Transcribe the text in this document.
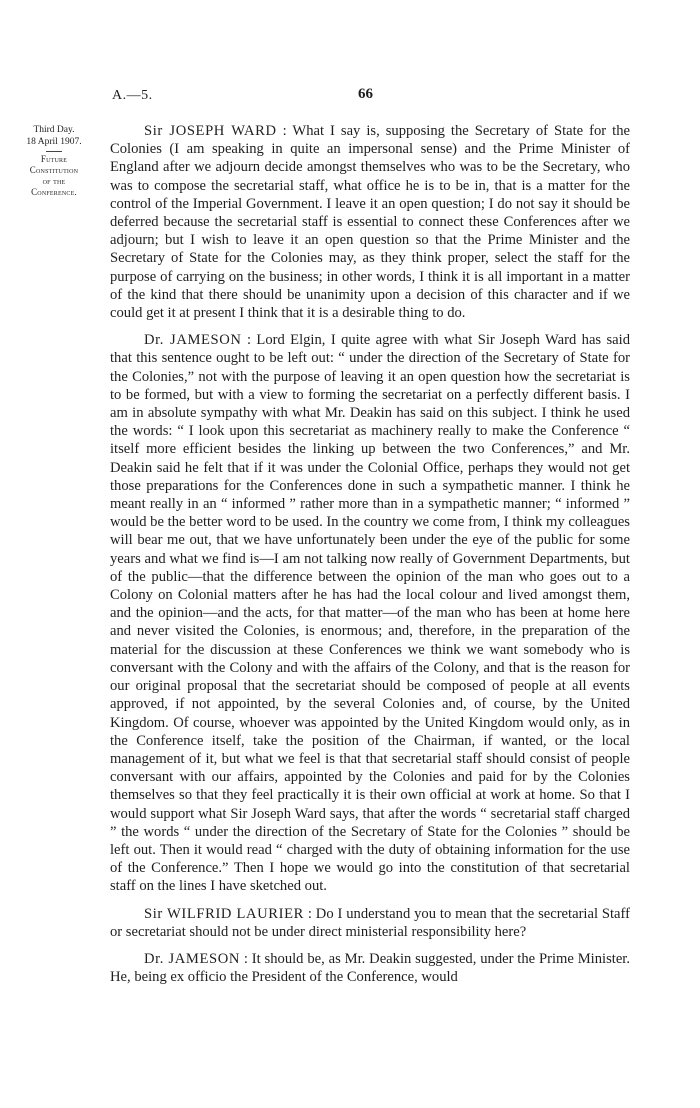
A.—5.	66
Third Day.
18 April 1907.
Future
Constitution
of the
Conference.

Sir JOSEPH WARD : What I say is, supposing the Secretary of State for the Colonies (I am speaking in quite an impersonal sense) and the Prime Minister of England after we adjourn decide amongst themselves who was to be the Secretary, who was to compose the secretarial staff, what office he is to be in, that is a matter for the control of the Imperial Government. I leave it an open question; I do not say it should be deferred because the secretarial staff is essential to connect these Conferences after we adjourn; but I wish to leave it an open question so that the Prime Minister and the Secretary of State for the Colonies may, as they think proper, select the staff for the purpose of carrying on the business; in other words, I think it is all important in a matter of the kind that there should be unanimity upon a decision of this character and if we could get it at present I think that it is a desirable thing to do.

Dr. JAMESON : Lord Elgin, I quite agree with what Sir Joseph Ward has said that this sentence ought to be left out: “ under the direction of the Secretary of State for the Colonies,” not with the purpose of leaving it an open question how the secretariat is to be formed, but with a view to forming the secretariat on a perfectly different basis. I am in absolute sympathy with what Mr. Deakin has said on this subject. I think he used the words: “ I look upon this secretariat as machinery really to make the Conference “ itself more efficient besides the linking up between the two Conferences,” and Mr. Deakin said he felt that if it was under the Colonial Office, perhaps they would not get those preparations for the Conferences done in such a sympathetic manner. I think he meant really in an “ informed ” rather more than in a sympathetic manner; “ informed ” would be the better word to be used. In the country we come from, I think my colleagues will bear me out, that we have unfortunately been under the eye of the public for some years and what we find is—I am not talking now really of Government Departments, but of the public—that the difference between the opinion of the man who goes out to a Colony on Colonial matters after he has had the local colour and lived amongst them, and the opinion—and the acts, for that matter—of the man who has been at home here and never visited the Colonies, is enormous; and, therefore, in the preparation of the material for the discussion at these Conferences we think we want somebody who is conversant with the Colony and with the affairs of the Colony, and that is the reason for our original proposal that the secretariat should be composed of people at all events approved, if not appointed, by the several Colonies and, of course, by the United Kingdom. Of course, whoever was appointed by the United Kingdom would only, as in the Conference itself, take the position of the Chairman, if wanted, or the local management of it, but what we feel is that that secretarial staff should consist of people conversant with our affairs, appointed by the Colonies and paid for by the Colonies themselves so that they feel practically it is their own official at work at home. So that I would support what Sir Joseph Ward says, that after the words “ secretarial staff charged ” the words “ under the direction of the Secretary of State for the Colonies ” should be left out. Then it would read “ charged with the duty of obtaining information for the use of the Conference.” Then I hope we would go into the constitution of that secretarial staff on the lines I have sketched out.

Sir WILFRID LAURIER : Do I understand you to mean that the secretarial Staff or secretariat should not be under direct ministerial responsibility here?

Dr. JAMESON : It should be, as Mr. Deakin suggested, under the Prime Minister. He, being ex officio the President of the Conference, would
